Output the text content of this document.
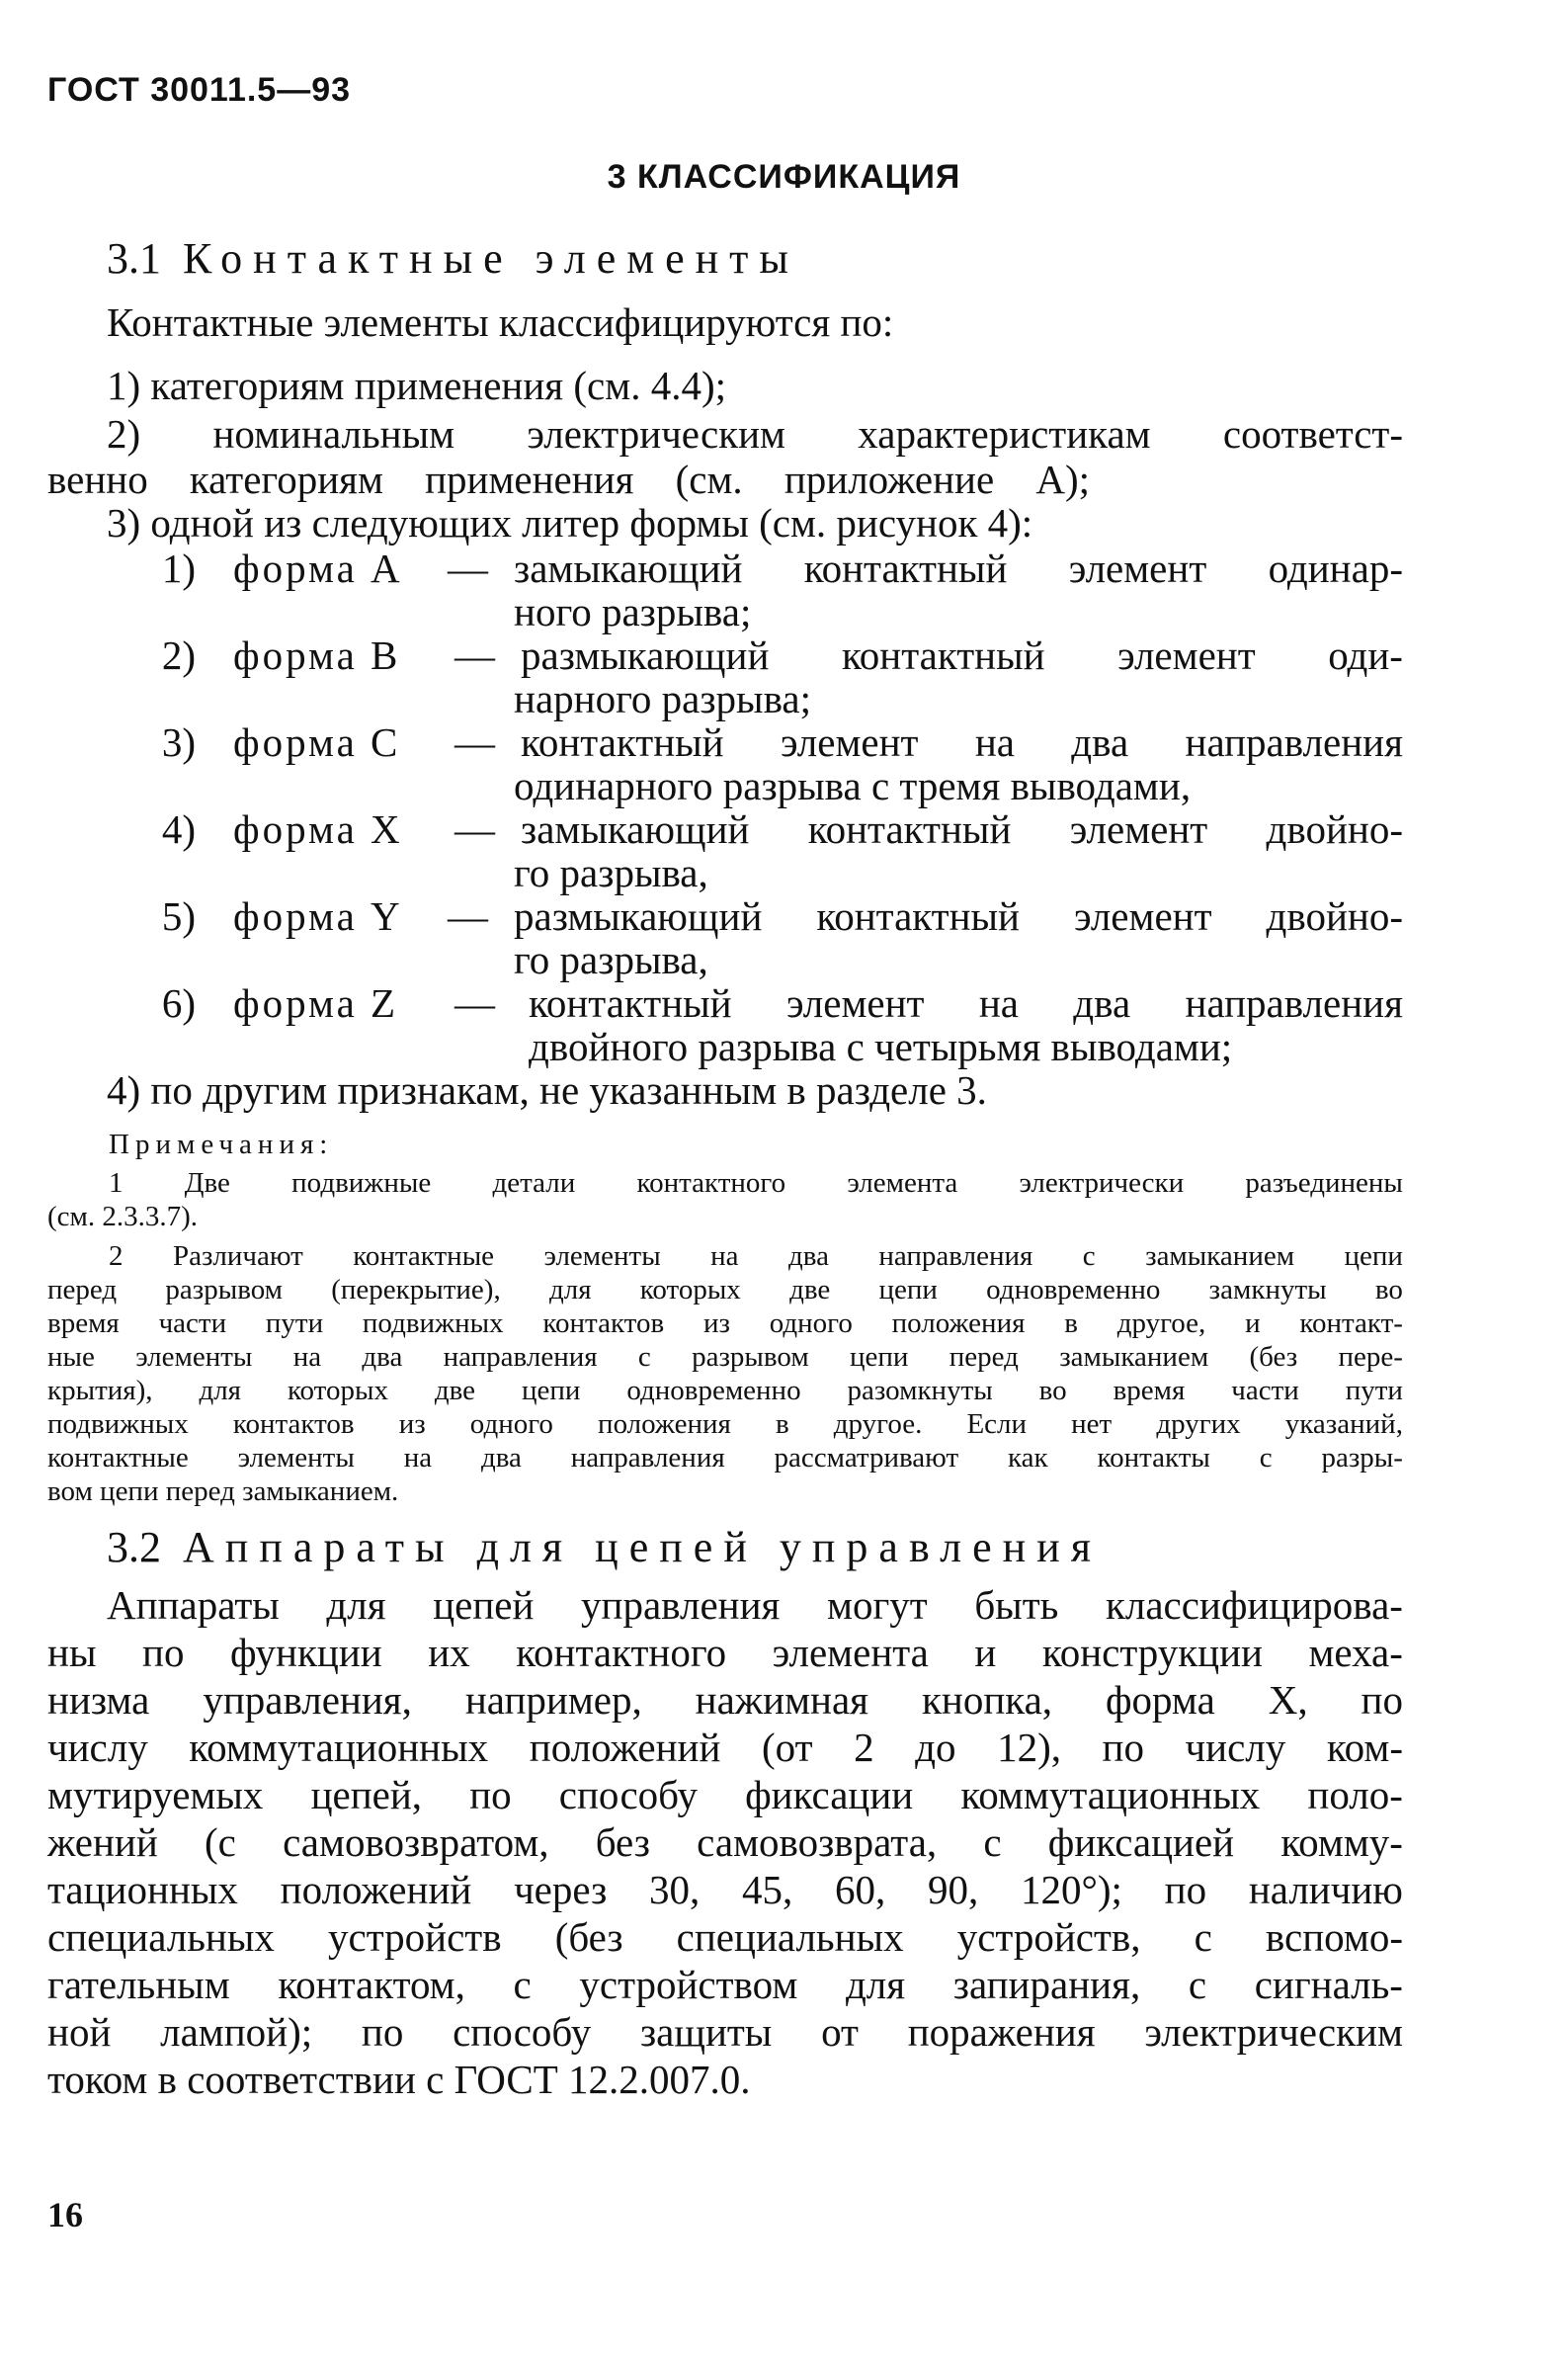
ГОСТ 30011.5—93
3 КЛАССИФИКАЦИЯ
3.1 Контактные элементы
Контактные элементы классифицируются по:
1) категориям применения (см. 4.4);
2) номинальным электрическим характеристикам соответст-
венно категориям применения (см. приложение А);
3) одной из следующих литер формы (см. рисунок 4):
1) форма А — замыкающий контактный элемент одинар-
ного разрыва;
2) форма В — размыкающий контактный элемент оди-
нарного разрыва;
3) форма С — контактный элемент на два направления
одинарного разрыва с тремя выводами,
4) форма X — замыкающий контактный элемент двойно-
го разрыва,
5) форма Y — размыкающий контактный элемент двойно-
го разрыва,
6) форма Z — контактный элемент на два направления
двойного разрыва с четырьмя выводами;
4) по другим признакам, не указанным в разделе 3.
Примечания:
1 Две подвижные детали контактного элемента электрически разъединены
(см. 2.3.3.7).
2 Различают контактные элементы на два направления с замыканием цепи
перед разрывом (перекрытие), для которых две цепи одновременно замкнуты во
время части пути подвижных контактов из одного положения в другое, и контакт-
ные элементы на два направления с разрывом цепи перед замыканием (без пере-
крытия), для которых две цепи одновременно разомкнуты во время части пути
подвижных контактов из одного положения в другое. Если нет других указаний,
контактные элементы на два направления рассматривают как контакты с разры-
вом цепи перед замыканием.
3.2 Аппараты для цепей управления
Аппараты для цепей управления могут быть классифицирова-
ны по функции их контактного элемента и конструкции меха-
низма управления, например, нажимная кнопка, форма X, по
числу коммутационных положений (от 2 до 12), по числу ком-
мутируемых цепей, по способу фиксации коммутационных поло-
жений (с самовозвратом, без самовозврата, с фиксацией комму-
тационных положений через 30, 45, 60, 90, 120°); по наличию
специальных устройств (без специальных устройств, с вспомо-
гательным контактом, с устройством для запирания, с сигналь-
ной лампой); по способу защиты от поражения электрическим
током в соответствии с ГОСТ 12.2.007.0.
16
